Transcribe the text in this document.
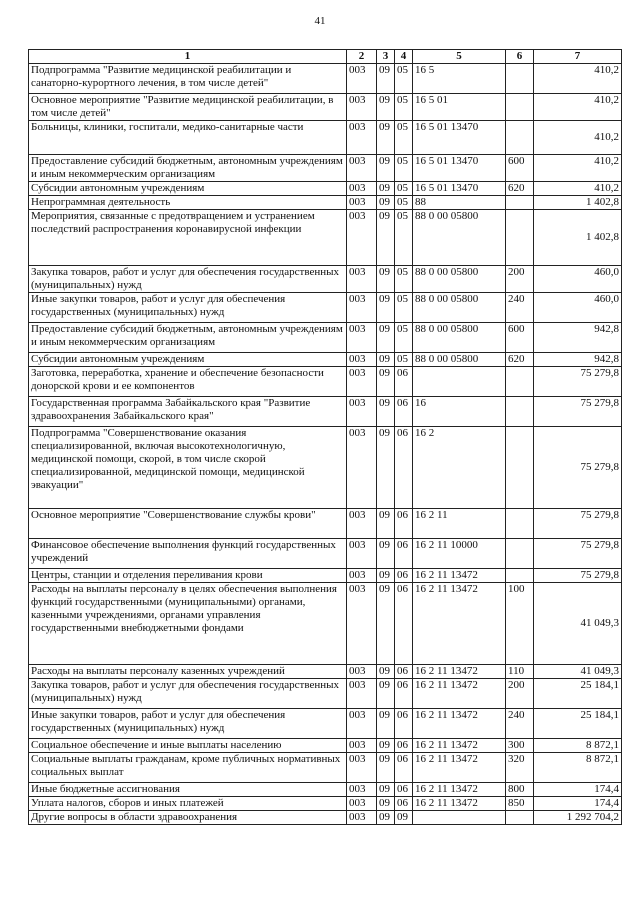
41
1	2	3	4	5	6	7
Подпрограмма "Развитие медицинской реабилитации и санаторно-курортного лечения, в том числе детей"	003	09	05	16 5		410,2
Основное мероприятие "Развитие медицинской реабилитации, в том числе детей"	003	09	05	16 5 01		410,2
Больницы, клиники, госпитали, медико-санитарные части	003	09	05	16 5 01 13470		410,2
Предоставление субсидий бюджетным, автономным учреждениям и иным некоммерческим организациям	003	09	05	16 5 01 13470	600	410,2
Субсидии автономным учреждениям	003	09	05	16 5 01 13470	620	410,2
Непрограммная деятельность	003	09	05	88		1 402,8
Мероприятия, связанные с предотвращением и устранением последствий распространения коронавирусной инфекции	003	09	05	88 0 00 05800		1 402,8
Закупка товаров, работ и услуг для обеспечения государственных (муниципальных) нужд	003	09	05	88 0 00 05800	200	460,0
Иные закупки товаров, работ и услуг для обеспечения государственных (муниципальных) нужд	003	09	05	88 0 00 05800	240	460,0
Предоставление субсидий бюджетным, автономным учреждениям и иным некоммерческим организациям	003	09	05	88 0 00 05800	600	942,8
Субсидии автономным учреждениям	003	09	05	88 0 00 05800	620	942,8
Заготовка, переработка, хранение и обеспечение безопасности донорской крови и ее компонентов	003	09	06			75 279,8
Государственная программа Забайкальского края "Развитие здравоохранения Забайкальского края"	003	09	06	16		75 279,8
Подпрограмма "Совершенствование оказания специализированной, включая высокотехнологичную, медицинской помощи, скорой, в том числе скорой специализированной, медицинской помощи, медицинской эвакуации"	003	09	06	16 2		75 279,8
Основное мероприятие "Совершенствование службы крови"	003	09	06	16 2 11		75 279,8
Финансовое обеспечение выполнения функций государственных учреждений	003	09	06	16 2 11 10000		75 279,8
Центры, станции и отделения переливания крови	003	09	06	16 2 11 13472		75 279,8
Расходы на выплаты персоналу в целях обеспечения выполнения функций государственными (муниципальными) органами, казенными учреждениями, органами управления государственными внебюджетными фондами	003	09	06	16 2 11 13472	100	41 049,3
Расходы на выплаты персоналу казенных учреждений	003	09	06	16 2 11 13472	110	41 049,3
Закупка товаров, работ и услуг для обеспечения государственных (муниципальных) нужд	003	09	06	16 2 11 13472	200	25 184,1
Иные закупки товаров, работ и услуг для обеспечения государственных (муниципальных) нужд	003	09	06	16 2 11 13472	240	25 184,1
Социальное обеспечение и иные выплаты населению	003	09	06	16 2 11 13472	300	8 872,1
Социальные выплаты гражданам, кроме публичных нормативных социальных выплат	003	09	06	16 2 11 13472	320	8 872,1
Иные бюджетные ассигнования	003	09	06	16 2 11 13472	800	174,4
Уплата налогов, сборов и иных платежей	003	09	06	16 2 11 13472	850	174,4
Другие вопросы в области здравоохранения	003	09	09			1 292 704,2
